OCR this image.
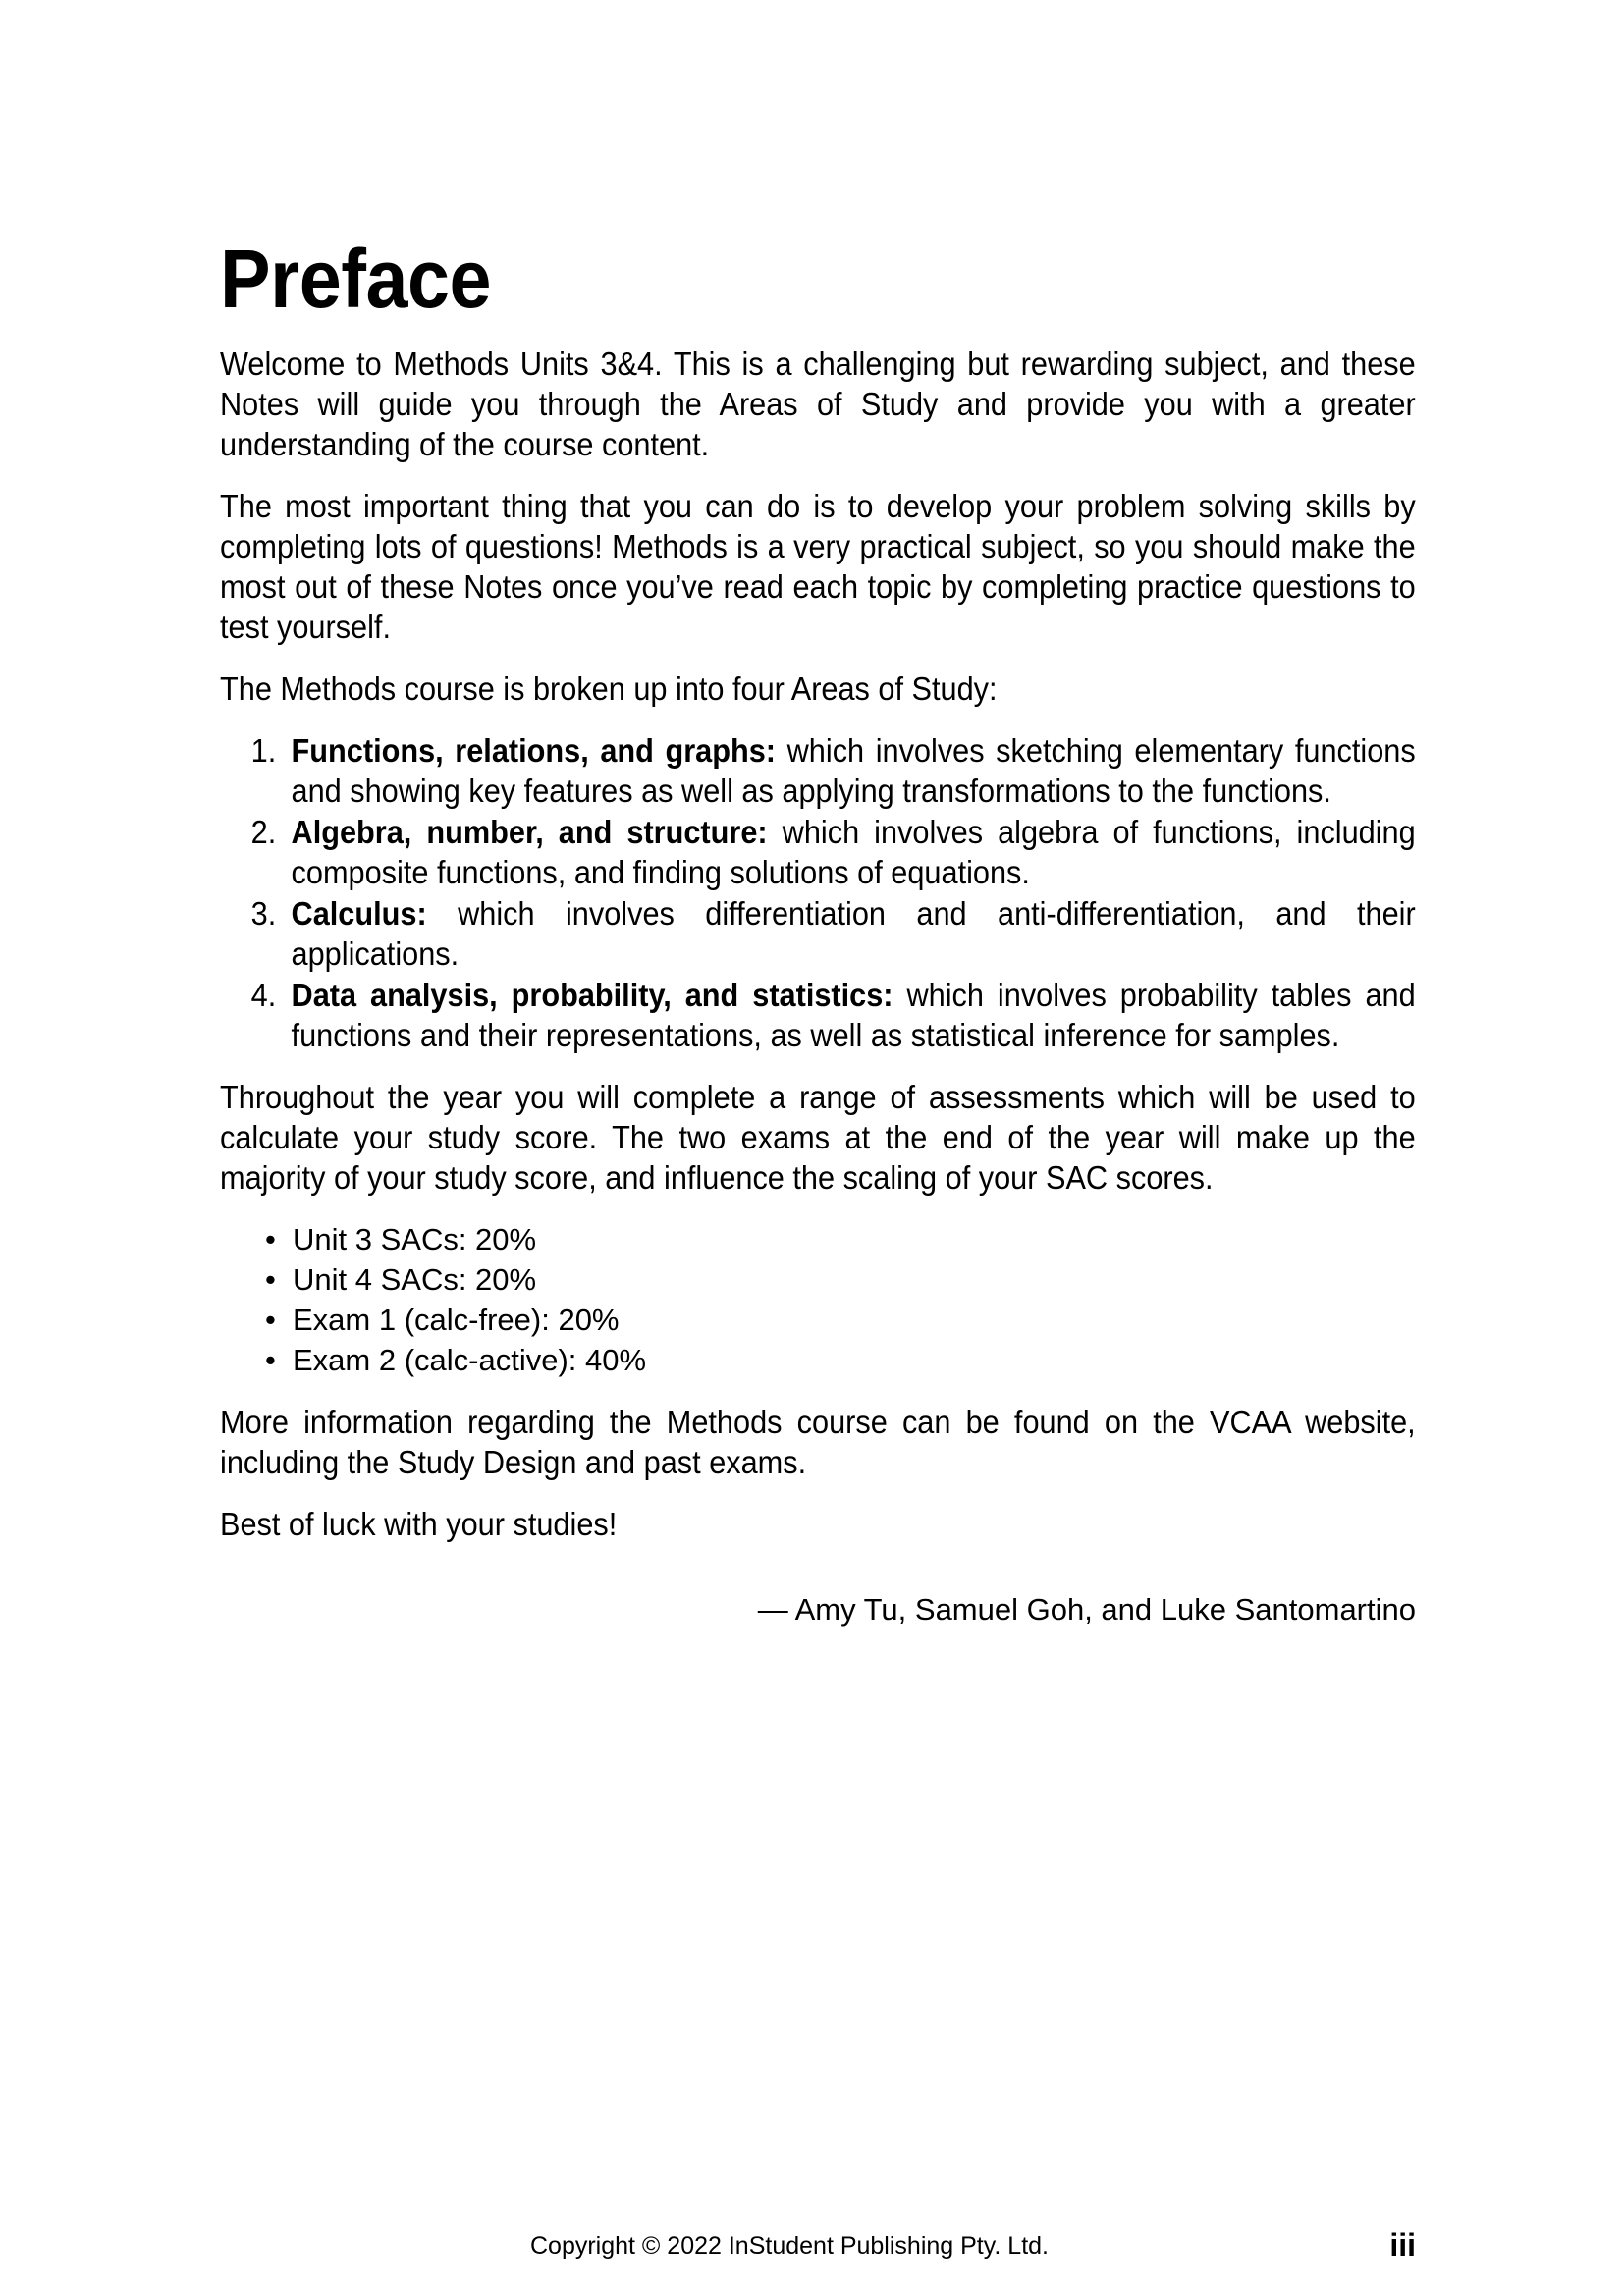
Preface

Welcome to Methods Units 3&4. This is a challenging but rewarding subject, and these Notes will guide you through the Areas of Study and provide you with a greater understanding of the course content.

The most important thing that you can do is to develop your problem solving skills by completing lots of questions! Methods is a very practical subject, so you should make the most out of these Notes once you’ve read each topic by completing practice questions to test yourself.

The Methods course is broken up into four Areas of Study:

1. Functions, relations, and graphs: which involves sketching elementary functions and showing key features as well as applying transformations to the functions.
2. Algebra, number, and structure: which involves algebra of functions, including composite functions, and finding solutions of equations.
3. Calculus: which involves differentiation and anti-differentiation, and their applications.
4. Data analysis, probability, and statistics: which involves probability tables and functions and their representations, as well as statistical inference for samples.

Throughout the year you will complete a range of assessments which will be used to calculate your study score. The two exams at the end of the year will make up the majority of your study score, and influence the scaling of your SAC scores.

• Unit 3 SACs: 20%
• Unit 4 SACs: 20%
• Exam 1 (calc-free): 20%
• Exam 2 (calc-active): 40%

More information regarding the Methods course can be found on the VCAA website, including the Study Design and past exams.

Best of luck with your studies!

— Amy Tu, Samuel Goh, and Luke Santomartino

Copyright © 2022 InStudent Publishing Pty. Ltd.	iii
